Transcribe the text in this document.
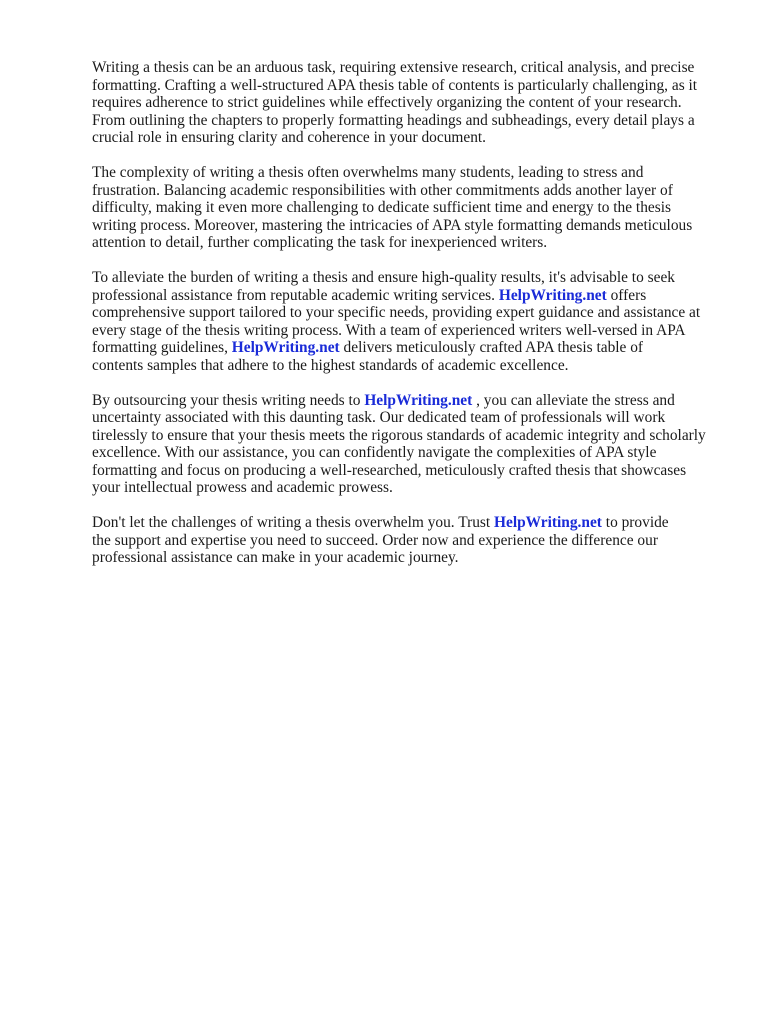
Writing a thesis can be an arduous task, requiring extensive research, critical analysis, and precise
formatting. Crafting a well-structured APA thesis table of contents is particularly challenging, as it
requires adherence to strict guidelines while effectively organizing the content of your research.
From outlining the chapters to properly formatting headings and subheadings, every detail plays a
crucial role in ensuring clarity and coherence in your document.

The complexity of writing a thesis often overwhelms many students, leading to stress and
frustration. Balancing academic responsibilities with other commitments adds another layer of
difficulty, making it even more challenging to dedicate sufficient time and energy to the thesis
writing process. Moreover, mastering the intricacies of APA style formatting demands meticulous
attention to detail, further complicating the task for inexperienced writers.

To alleviate the burden of writing a thesis and ensure high-quality results, it's advisable to seek
professional assistance from reputable academic writing services. HelpWriting.net offers
comprehensive support tailored to your specific needs, providing expert guidance and assistance at
every stage of the thesis writing process. With a team of experienced writers well-versed in APA
formatting guidelines, HelpWriting.net delivers meticulously crafted APA thesis table of
contents samples that adhere to the highest standards of academic excellence.

By outsourcing your thesis writing needs to HelpWriting.net , you can alleviate the stress and
uncertainty associated with this daunting task. Our dedicated team of professionals will work
tirelessly to ensure that your thesis meets the rigorous standards of academic integrity and scholarly
excellence. With our assistance, you can confidently navigate the complexities of APA style
formatting and focus on producing a well-researched, meticulously crafted thesis that showcases
your intellectual prowess and academic prowess.

Don't let the challenges of writing a thesis overwhelm you. Trust HelpWriting.net to provide
the support and expertise you need to succeed. Order now and experience the difference our
professional assistance can make in your academic journey.
